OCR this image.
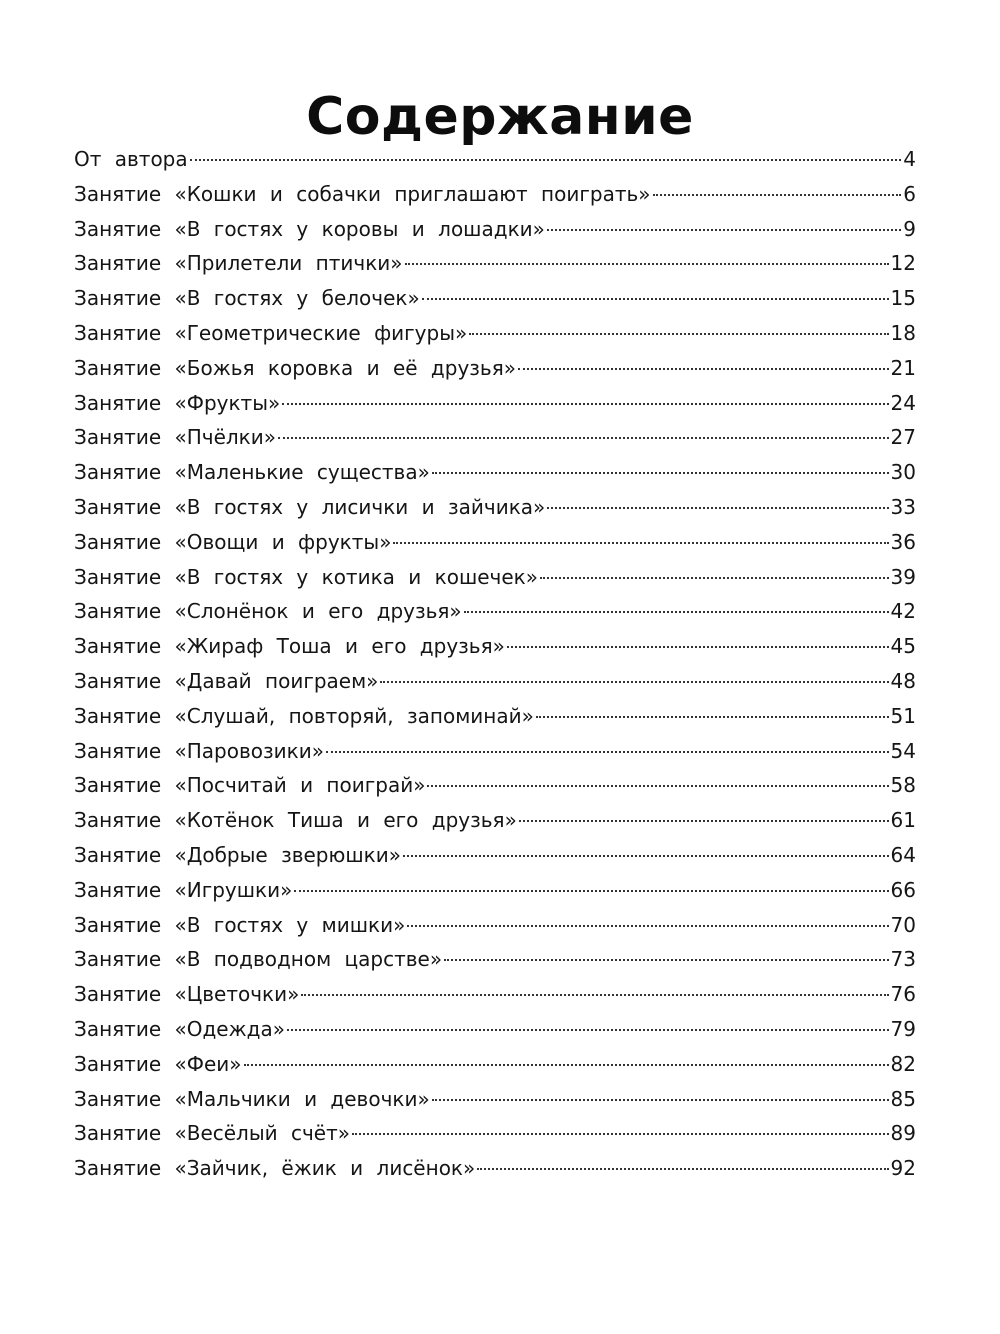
Содержание
От автора	4
Занятие «Кошки и собачки приглашают поиграть»	6
Занятие «В гостях у коровы и лошадки»	9
Занятие «Прилетели птички»	12
Занятие «В гостях у белочек»	15
Занятие «Геометрические фигуры»	18
Занятие «Божья коровка и её друзья»	21
Занятие «Фрукты»	24
Занятие «Пчёлки»	27
Занятие «Маленькие существа»	30
Занятие «В гостях у лисички и зайчика»	33
Занятие «Овощи и фрукты»	36
Занятие «В гостях у котика и кошечек»	39
Занятие «Слонёнок и его друзья»	42
Занятие «Жираф Тоша и его друзья»	45
Занятие «Давай поиграем»	48
Занятие «Слушай, повторяй, запоминай»	51
Занятие «Паровозики»	54
Занятие «Посчитай и поиграй»	58
Занятие «Котёнок Тиша и его друзья»	61
Занятие «Добрые зверюшки»	64
Занятие «Игрушки»	66
Занятие «В гостях у мишки»	70
Занятие «В подводном царстве»	73
Занятие «Цветочки»	76
Занятие «Одежда»	79
Занятие «Феи»	82
Занятие «Мальчики и девочки»	85
Занятие «Весёлый счёт»	89
Занятие «Зайчик, ёжик и лисёнок»	92
